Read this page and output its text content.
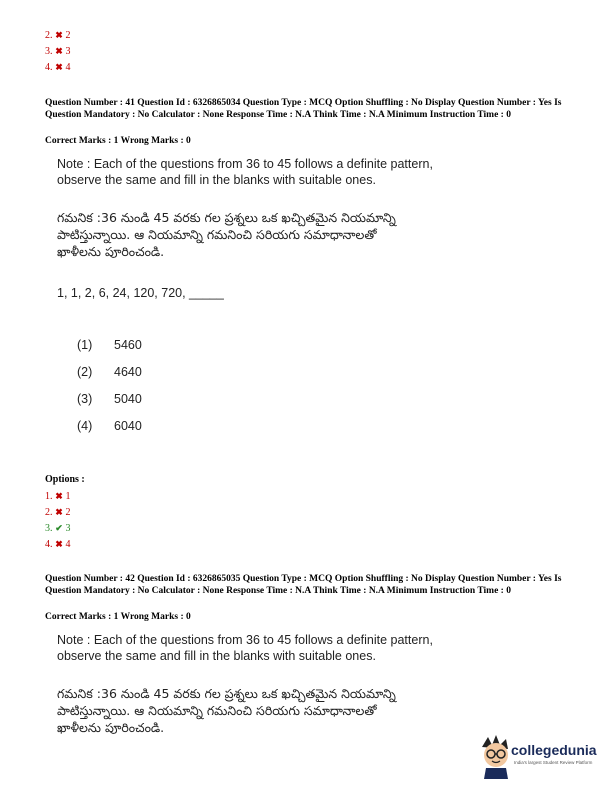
2. ✖ 2
3. ✖ 3
4. ✖ 4
Question Number : 41 Question Id : 6326865034 Question Type : MCQ Option Shuffling : No Display Question Number : Yes Is Question Mandatory : No Calculator : None Response Time : N.A Think Time : N.A Minimum Instruction Time : 0
Correct Marks : 1 Wrong Marks : 0
Note : Each of the questions from 36 to 45 follows a definite pattern,
observe the same and fill in the blanks with suitable ones.
గమనిక :36 నుండి 45 వరకు గల ప్రశ్నలు ఒక ఖచ్చితమైన నియమాన్ని
పాటిస్తున్నాయి. ఆ నియమాన్ని గమనించి సరియగు సమాధానాలతో
ఖాళీలను పూరించండి.
1, 1, 2, 6, 24, 120, 720, _____
(1) 5460
(2) 4640
(3) 5040
(4) 6040
Options :
1. ✖ 1
2. ✖ 2
3. ✔ 3
4. ✖ 4
Question Number : 42 Question Id : 6326865035 Question Type : MCQ Option Shuffling : No Display Question Number : Yes Is Question Mandatory : No Calculator : None Response Time : N.A Think Time : N.A Minimum Instruction Time : 0
Correct Marks : 1 Wrong Marks : 0
Note : Each of the questions from 36 to 45 follows a definite pattern,
observe the same and fill in the blanks with suitable ones.
గమనిక :36 నుండి 45 వరకు గల ప్రశ్నలు ఒక ఖచ్చితమైన నియమాన్ని
పాటిస్తున్నాయి. ఆ నియమాన్ని గమనించి సరియగు సమాధానాలతో
ఖాళీలను పూరించండి.
collegedunia
India's largest Student Review Platform
